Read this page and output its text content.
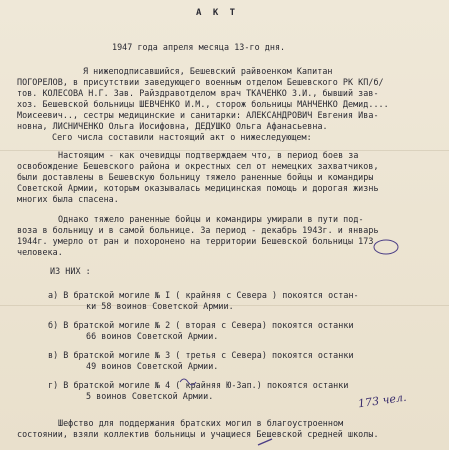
А К Т
1947 года апреля месяца 13-го дня.
Я нижеподписавшийся, Бешевский райвоенком Капитан
ПОГОРЕЛОВ, в присутствии заведующего военным отделом Бешевского РК КП/б/
тов. КОЛЕСОВА Н.Г. Зав. Райздравотделом врач ТКАЧЕНКО З.И., бывший зав-
хоз. Бешевской больницы ШЕВЧЕНКО И.М., сторож больницы МАНЧЕНКО Демид....
Моисеевич.., сестры медицинские и санитарки: АЛЕКСАНДРОВИЧ Евгения Ива-
новна, ЛИСНИЧЕНКО Ольга Иосифовна, ДЕДУШКО Ольга Афанасьевна.
Сего числа составили настоящий акт о нижеследующем:
Настоящим - как очевидцы подтверждаем что, в период боев за
освобождение Бешевского района и окрестных сел от немецких захватчиков,
были доставлены в Бешевскую больницу тяжело раненные бойцы и командиры
Советской Армии, которым оказывалась медицинская помощь и дорогая жизнь
многих была спасена.
Однако тяжело раненные бойцы и командиры умирали в пути под-
воза в больницу и в самой больнице. За период - декабрь 1943г. и январь
1944г. умерло от ран и похоронено на территории Бешевской больницы 173
человека.
ИЗ НИХ :
а) В братской могиле № I ( крайняя с Севера ) покоятся остан-
ки 58 воинов Советской Армии.
б) В братской могиле № 2 ( вторая с Севера) покоятся останки
66 воинов Советской Армии.
в) В братской могиле № 3 ( третья с Севера) покоятся останки
49 воинов Советской Армии.
г) В братской могиле № 4 ( крайняя Ю-Зап.) покоятся останки
5 воинов Советской Армии.
Шефство для поддержания братских могил в благоустроенном
состоянии, взяли коллектив больницы и учащиеся Бешевской средней школы.
173 чел.
